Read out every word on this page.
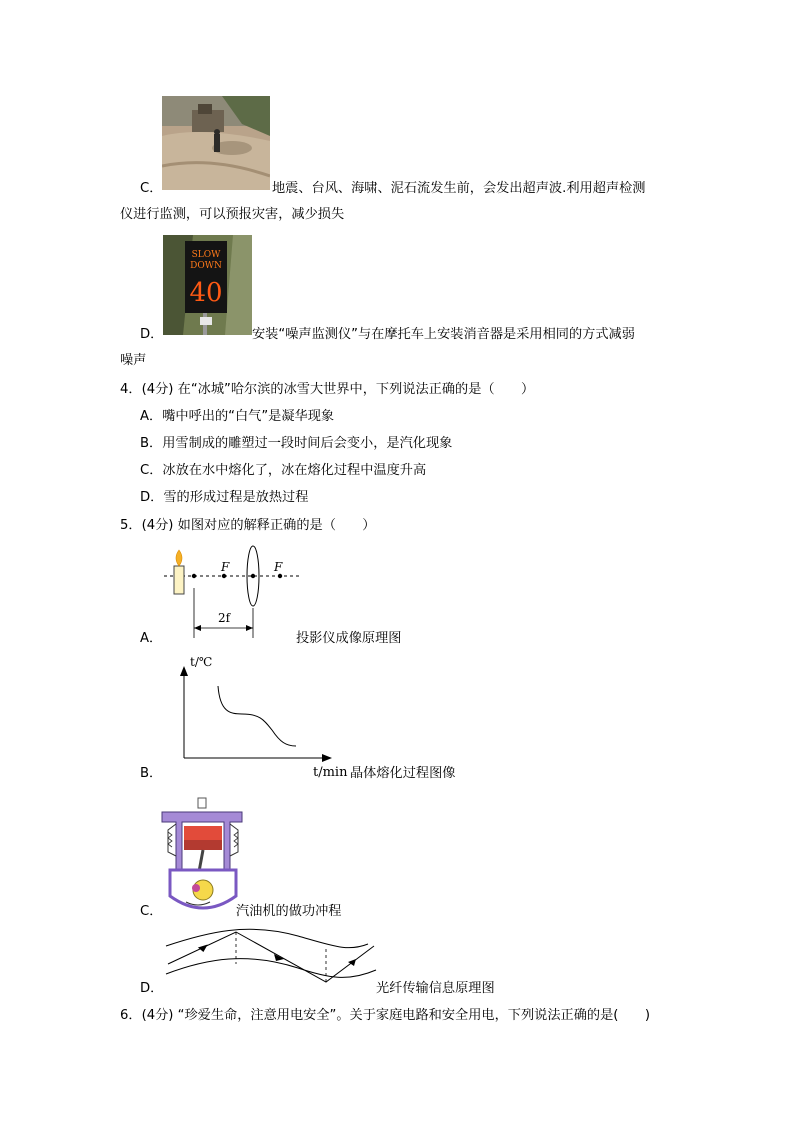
C．	地震、台风、海啸、泥石流发生前，会发出超声波.利用超声检测
仪进行监测，可以预报灾害，减少损失
SLOW
DOWN
40
D．	安装“噪声监测仪”与在摩托车上安装消音器是采用相同的方式减弱
噪声
4．(4分) 在“冰城”哈尔滨的冰雪大世界中，下列说法正确的是（　　）
A．嘴中呼出的“白气”是凝华现象
B．用雪制成的雕塑过一段时间后会变小，是汽化现象
C．冰放在水中熔化了，冰在熔化过程中温度升高
D．雪的形成过程是放热过程
5．(4分) 如图对应的解释正确的是（　　）
F	F
2f
A．	投影仪成像原理图
t/℃
B．	t/min 晶体熔化过程图像
C．	汽油机的做功冲程
D．	光纤传输信息原理图
6．(4分) “珍爱生命，注意用电安全”。关于家庭电路和安全用电，下列说法正确的是(　　)
